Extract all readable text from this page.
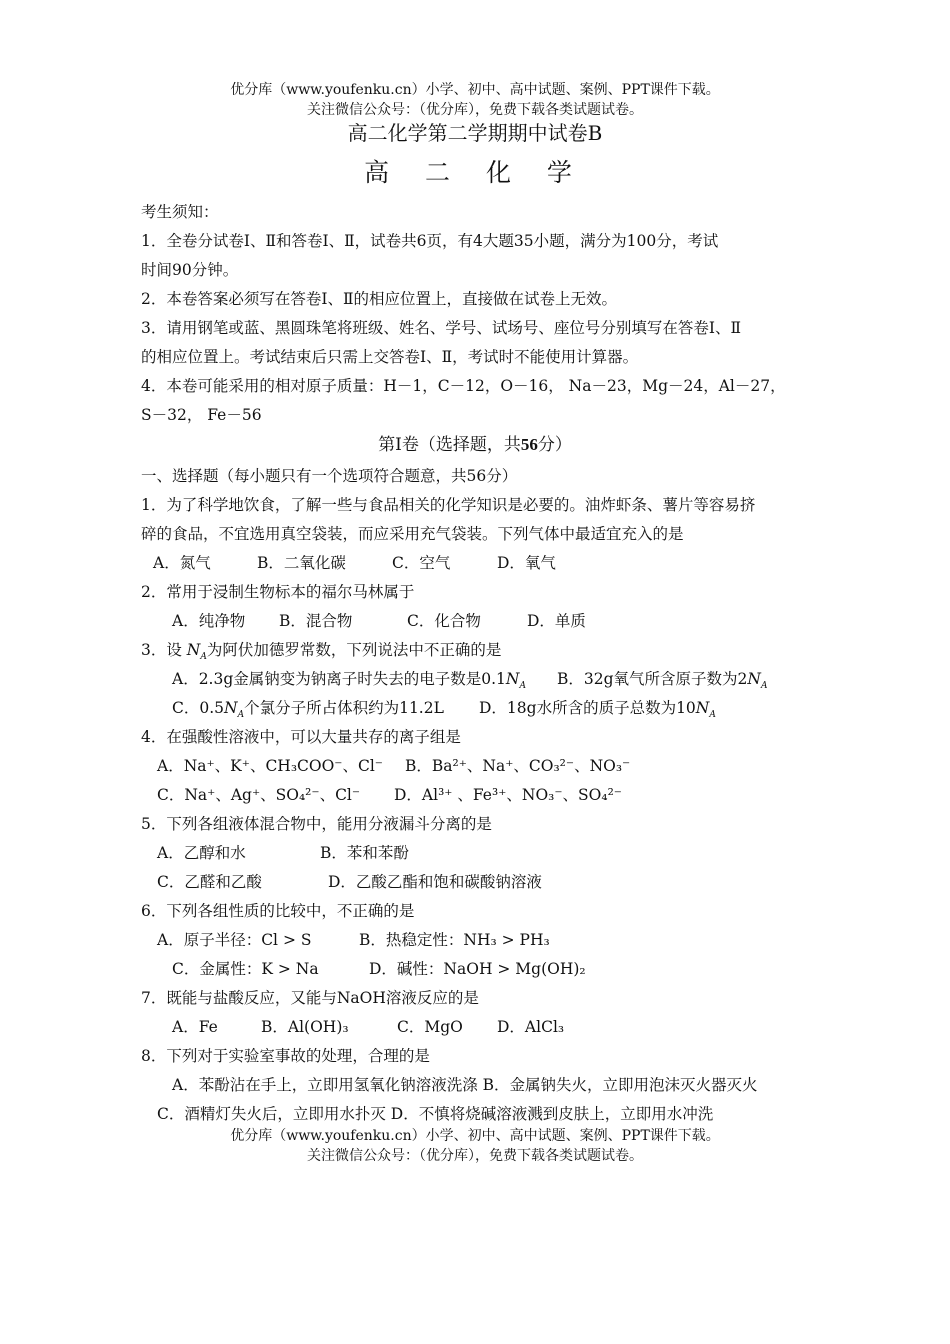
优分库（www.youfenku.cn）小学、初中、高中试题、案例、PPT课件下载。
关注微信公众号：（优分库），免费下载各类试题试卷。
高二化学第二学期期中试卷B
高 二 化 学
考生须知：
1．全卷分试卷Ⅰ、Ⅱ和答卷Ⅰ、Ⅱ，试卷共6页，有4大题35小题，满分为100分，考试
时间90分钟。
2．本卷答案必须写在答卷Ⅰ、Ⅱ的相应位置上，直接做在试卷上无效。
3．请用钢笔或蓝、黑圆珠笔将班级、姓名、学号、试场号、座位号分别填写在答卷Ⅰ、Ⅱ
的相应位置上。考试结束后只需上交答卷Ⅰ、Ⅱ，考试时不能使用计算器。
4．本卷可能采用的相对原子质量：H－1，C－12，O－16， Na－23，Mg－24，Al－27，
S－32， Fe－56
第Ⅰ卷（选择题，共56分）
一、选择题（每小题只有一个选项符合题意，共56分）
1．为了科学地饮食，了解一些与食品相关的化学知识是必要的。油炸虾条、薯片等容易挤
碎的食品，不宜选用真空袋装，而应采用充气袋装。下列气体中最适宜充入的是
A．氮气	B．二氧化碳	C．空气	D．氧气
2．常用于浸制生物标本的福尔马林属于
A．纯净物 B．混合物	C．化合物	D．单质
3．设 $N_A$为阿伏加德罗常数，下列说法中不正确的是
A．2.3g金属钠变为钠离子时失去的电子数是$0.1N_A$ B．32g氧气所含原子数为$2N_A$
C．$0.5N_A$个氯分子所占体积约为11.2L D．18g水所含的质子总数为$10N_A$
4．在强酸性溶液中，可以大量共存的离子组是
A．Na⁺、K⁺、CH₃COO⁻、Cl⁻ B．Ba²⁺、Na⁺、CO₃²⁻、NO₃⁻
C．Na⁺、Ag⁺、SO₄²⁻、Cl⁻ D．Al³⁺ 、Fe³⁺、NO₃⁻、SO₄²⁻
5．下列各组液体混合物中，能用分液漏斗分离的是
A．乙醇和水	B．苯和苯酚
C．乙醛和乙酸	D．乙酸乙酯和饱和碳酸钠溶液
6．下列各组性质的比较中，不正确的是
A．原子半径：Cl > S	B．热稳定性：NH₃ > PH₃
C．金属性：K > Na	D．碱性：NaOH > Mg(OH)₂
7．既能与盐酸反应，又能与NaOH溶液反应的是
A．Fe	B．Al(OH)₃	C．MgO D．AlCl₃
8．下列对于实验室事故的处理，合理的是
A．苯酚沾在手上，立即用氢氧化钠溶液洗涤 B．金属钠失火，立即用泡沫灭火器灭火
C．酒精灯失火后，立即用水扑灭 D．不慎将烧碱溶液溅到皮肤上，立即用水冲洗
优分库（www.youfenku.cn）小学、初中、高中试题、案例、PPT课件下载。
关注微信公众号：（优分库），免费下载各类试题试卷。
